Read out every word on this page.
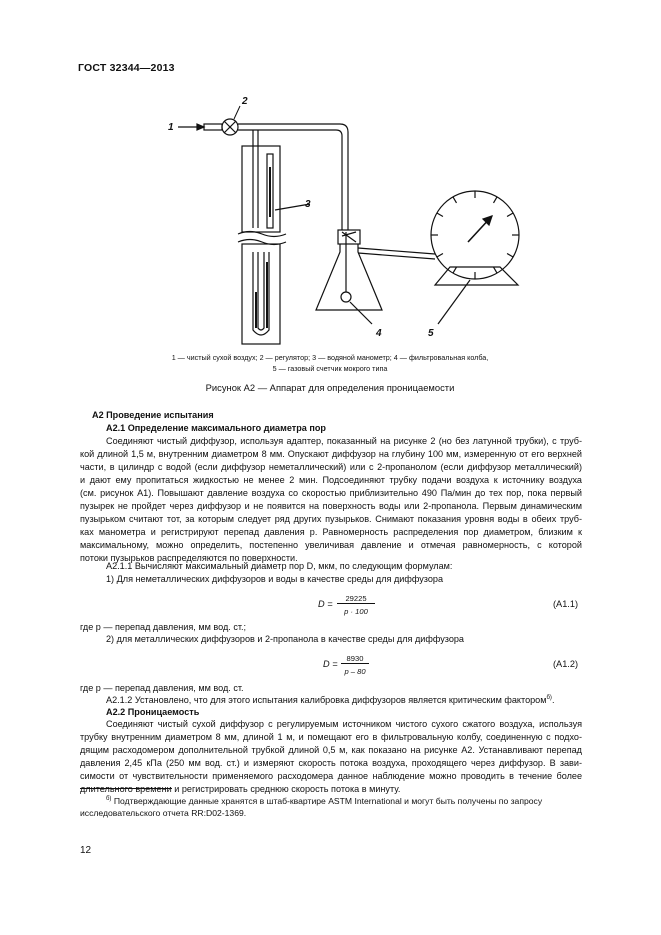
ГОСТ 32344—2013
1
2
3
4	5
1 — чистый сухой воздух; 2 — регулятор; 3 — водяной манометр; 4 — фильтровальная колба,
5 — газовый счетчик мокрого типа
Рисунок А2 — Аппарат для определения проницаемости
А2 Проведение испытания
А2.1 Определение максимального диаметра пор
Соединяют чистый диффузор, используя адаптер, показанный на рисунке 2 (но без латунной трубки), с труб-
кой длиной 1,5 м, внутренним диаметром 8 мм. Опускают диффузор на глубину 100 мм, измеренную от его верхней
части, в цилиндр с водой (если диффузор неметаллический) или с 2-пропанолом (если диффузор металлический)
и дают ему пропитаться жидкостью не менее 2 мин. Подсоединяют трубку подачи воздуха к источнику воздуха
(см. рисунок А1). Повышают давление воздуха со скоростью приблизительно 490 Па/мин до тех пор, пока первый
пузырек не пройдет через диффузор и не появится на поверхность воды или 2-пропанола. Первым динамическим
пузырьком считают тот, за которым следует ряд других пузырьков. Снимают показания уровня воды в обеих труб-
ках манометра и регистрируют перепад давления р. Равномерность распределения пор диаметром, близким к
максимальному, можно определить, постепенно увеличивая давление и отмечая равномерность, с которой
потоки пузырьков распределяются по поверхности.
А2.1.1 Вычисляют максимальный диаметр пор D, мкм, по следующим формулам:
1) Для неметаллических диффузоров и воды в качестве среды для диффузора
D =
29225
p · 100
(A1.1)
где р — перепад давления, мм вод. ст.;
2) для металлических диффузоров и 2-пропанола в качестве среды для диффузора
D =
8930
p – 80
(A1.2)
где р — перепад давления, мм вод. ст.
А2.1.2 Установлено, что для этого испытания калибровка диффузоров является критическим фактором$^{б)}$.
А2.2 Проницаемость
Соединяют чистый сухой диффузор с регулируемым источником чистого сухого сжатого воздуха, используя
трубку внутренним диаметром 8 мм, длиной 1 м, и помещают его в фильтровальную колбу, соединенную с подхо-
дящим расходомером дополнительной трубкой длиной 0,5 м, как показано на рисунке А2. Устанавливают перепад
давления 2,45 кПа (250 мм вод. ст.) и измеряют скорость потока воздуха, проходящего через диффузор. В зави-
симости от чувствительности применяемого расходомера данное наблюдение можно проводить в течение более
длительного времени и регистрировать среднюю скорость потока в минуту.
$^{б)}$ Подтверждающие данные хранятся в штаб-квартире ASTM International и могут быть получены по запросу
исследовательского отчета RR:D02-1369.
12
